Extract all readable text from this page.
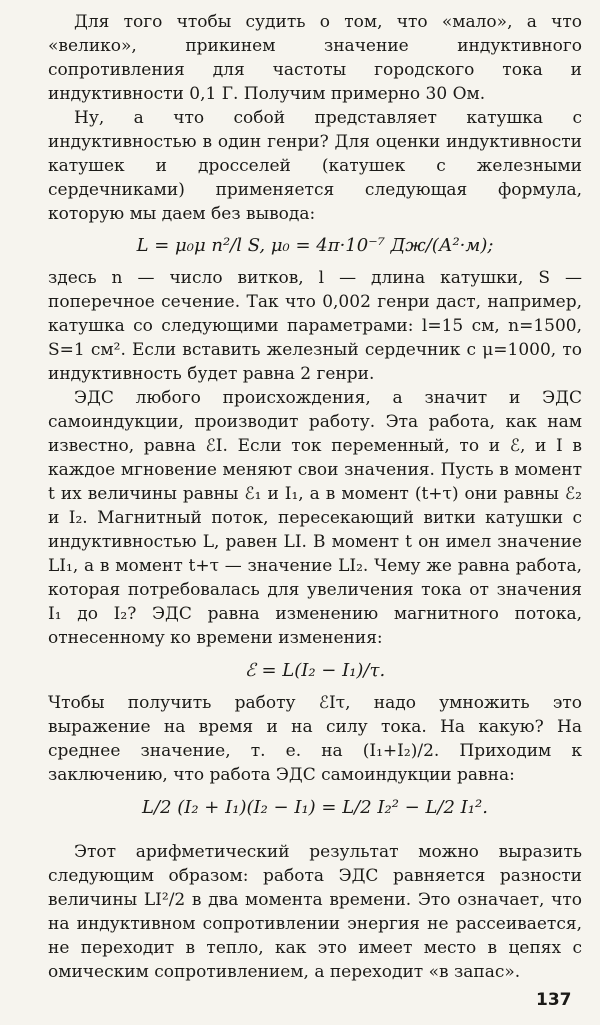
Для того чтобы судить о том, что «мало», а что «велико», прикинем значение индуктивного сопротивления для частоты городского тока и индуктивности 0,1 Г. Получим примерно 30 Ом.

Ну, а что собой представляет катушка с индуктивностью в один генри? Для оценки индуктивности катушек и дросселей (катушек с железными сердечниками) применяется следующая формула, которую мы даем без вывода:

L = μ₀μ n²/l S, μ₀ = 4π·10⁻⁷ Дж/(А²·м);

здесь n — число витков, l — длина катушки, S — поперечное сечение. Так что 0,002 генри даст, например, катушка со следующими параметрами: l=15 см, n=1500, S=1 см². Если вставить железный сердечник с μ=1000, то индуктивность будет равна 2 генри.

ЭДС любого происхождения, а значит и ЭДС самоиндукции, производит работу. Эта работа, как нам известно, равна ℰI. Если ток переменный, то и ℰ, и I в каждое мгновение меняют свои значения. Пусть в момент t их величины равны ℰ₁ и I₁, а в момент (t+τ) они равны ℰ₂ и I₂. Магнитный поток, пересекающий витки катушки с индуктивностью L, равен LI. В момент t он имел значение LI₁, а в момент t+τ — значение LI₂. Чему же равна работа, которая потребовалась для увеличения тока от значения I₁ до I₂? ЭДС равна изменению магнитного потока, отнесенному ко времени изменения:

ℰ = L(I₂ − I₁)/τ.

Чтобы получить работу ℰIτ, надо умножить это выражение на время и на силу тока. На какую? На среднее значение, т. е. на (I₁+I₂)/2. Приходим к заключению, что работа ЭДС самоиндукции равна:

L/2 (I₂ + I₁)(I₂ − I₁) = L/2 I₂² − L/2 I₁².

Этот арифметический результат можно выразить следующим образом: работа ЭДС равняется разности величины LI²/2 в два момента времени. Это означает, что на индуктивном сопротивлении энергия не рассеивается, не переходит в тепло, как это имеет место в цепях с омическим сопротивлением, а переходит «в запас».

137
